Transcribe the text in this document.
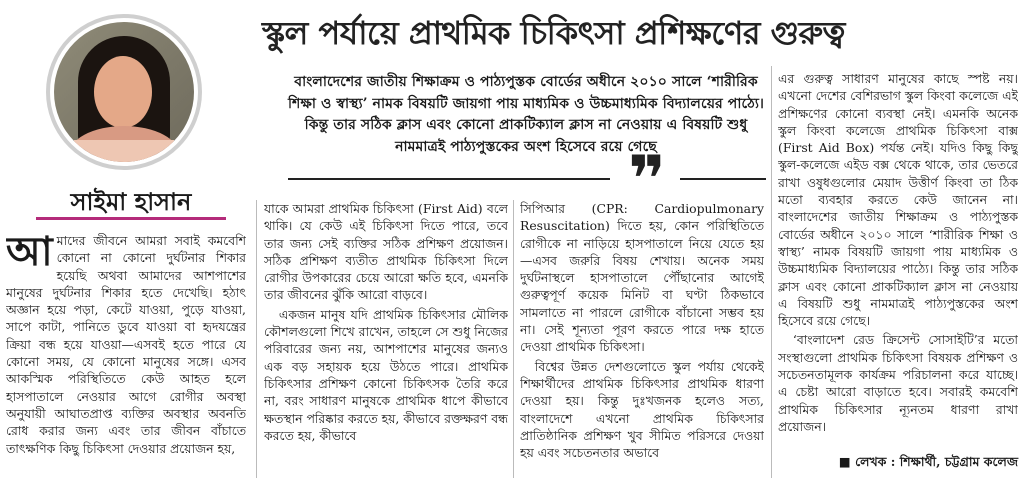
স্কুল পর্যায়ে প্রাথমিক চিকিৎসা প্রশিক্ষণের গুরুত্ব
সাইমা হাসান
বাংলাদেশের জাতীয় শিক্ষাক্রম ও পাঠ্যপুস্তক বোর্ডের অধীনে ২০১০ সালে ‘শারীরিক শিক্ষা ও স্বাস্থ্য’ নামক বিষয়টি জায়গা পায় মাধ্যমিক ও উচ্চমাধ্যমিক বিদ্যালয়ের পাঠ্যে। কিন্তু তার সঠিক ক্লাস এবং কোনো প্রাকটিক্যাল ক্লাস না নেওয়ায় এ বিষয়টি শুধু নামমাত্রই পাঠ্যপুস্তকের অংশ হিসেবে রয়ে গেছে
❞

আমাদের জীবনে আমরা সবাই কমবেশি কোনো না কোনো দুর্ঘটনার শিকার হয়েছি অথবা আমাদের আশপাশের মানুষের দুর্ঘটনার শিকার হতে দেখেছি। হঠাৎ অজ্ঞান হয়ে পড়া, কেটে যাওয়া, পুড়ে যাওয়া, সাপে কাটা, পানিতে ডুবে যাওয়া বা হৃদযন্ত্রের ক্রিয়া বন্ধ হয়ে যাওয়া—এসবই হতে পারে যে কোনো সময়, যে কোনো মানুষের সঙ্গে। এসব আকস্মিক পরিস্থিতিতে কেউ আহত হলে হাসপাতালে নেওয়ার আগে রোগীর অবস্থা অনুযায়ী আঘাতপ্রাপ্ত ব্যক্তির অবস্থার অবনতি রোধ করার জন্য এবং তার জীবন বাঁচাতে তাৎক্ষণিক কিছু চিকিৎসা দেওয়ার প্রয়োজন হয়,

যাকে আমরা প্রাথমিক চিকিৎসা (First Aid) বলে থাকি। যে কেউ এই চিকিৎসা দিতে পারে, তবে তার জন্য সেই ব্যক্তির সঠিক প্রশিক্ষণ প্রয়োজন। সঠিক প্রশিক্ষণ ব্যতীত প্রাথমিক চিকিৎসা দিলে রোগীর উপকারের চেয়ে আরো ক্ষতি হবে, এমনকি তার জীবনের ঝুঁকি আরো বাড়বে।

একজন মানুষ যদি প্রাথমিক চিকিৎসার মৌলিক কৌশলগুলো শিখে রাখেন, তাহলে সে শুধু নিজের পরিবারের জন্য নয়, আশপাশের মানুষের জন্যও এক বড় সহায়ক হয়ে উঠতে পারে। প্রাথমিক চিকিৎসার প্রশিক্ষণ কোনো চিকিৎসক তৈরি করে না, বরং সাধারণ মানুষকে প্রাথমিক ধাপে কীভাবে ক্ষতস্থান পরিষ্কার করতে হয়, কীভাবে রক্তক্ষরণ বন্ধ করতে হয়, কীভাবে

সিপিআর (CPR: Cardiopulmonary Resuscitation) দিতে হয়, কোন পরিস্থিতিতে রোগীকে না নাড়িয়ে হাসপাতালে নিয়ে যেতে হয়—এসব জরুরি বিষয় শেখায়। অনেক সময় দুর্ঘটনাস্থলে হাসপাতালে পৌঁছানোর আগেই গুরুত্বপূর্ণ কয়েক মিনিট বা ঘণ্টা ঠিকভাবে সামলাতে না পারলে রোগীকে বাঁচানো সম্ভব হয় না। সেই শূন্যতা পূরণ করতে পারে দক্ষ হাতে দেওয়া প্রাথমিক চিকিৎসা।

বিশ্বের উন্নত দেশগুলোতে স্কুল পর্যায় থেকেই শিক্ষার্থীদের প্রাথমিক চিকিৎসার প্রাথমিক ধারণা দেওয়া হয়। কিন্তু দুঃখজনক হলেও সত্য, বাংলাদেশে এখনো প্রাথমিক চিকিৎসার প্রাতিষ্ঠানিক প্রশিক্ষণ খুব সীমিত পরিসরে দেওয়া হয় এবং সচেতনতার অভাবে

এর গুরুত্ব সাধারণ মানুষের কাছে স্পষ্ট নয়। এখনো দেশের বেশিরভাগ স্কুল কিংবা কলেজে এই প্রশিক্ষণের কোনো ব্যবস্থা নেই। এমনকি অনেক স্কুল কিংবা কলেজে প্রাথমিক চিকিৎসা বাক্স (First Aid Box) পর্যন্ত নেই। যদিও কিছু কিছু স্কুল-কলেজে এইড বক্স থেকে থাকে, তার ভেতরে রাখা ওষুধগুলোর মেয়াদ উত্তীর্ণ কিংবা তা ঠিক মতো ব্যবহার করতে কেউ জানেন না। বাংলাদেশের জাতীয় শিক্ষাক্রম ও পাঠ্যপুস্তক বোর্ডের অধীনে ২০১০ সালে ‘শারীরিক শিক্ষা ও স্বাস্থ্য’ নামক বিষয়টি জায়গা পায় মাধ্যমিক ও উচ্চমাধ্যমিক বিদ্যালয়ের পাঠ্যে। কিন্তু তার সঠিক ক্লাস এবং কোনো প্রাকটিক্যাল ক্লাস না নেওয়ায় এ বিষয়টি শুধু নামমাত্রই পাঠ্যপুস্তকের অংশ হিসেবে রয়ে গেছে।

‘বাংলাদেশ রেড ক্রিসেন্ট সোসাইটি’র মতো সংস্থাগুলো প্রাথমিক চিকিৎসা বিষয়ক প্রশিক্ষণ ও সচেতনতামূলক কার্যক্রম পরিচালনা করে যাচ্ছে। এ চেষ্টা আরো বাড়াতে হবে। সবারই কমবেশি প্রাথমিক চিকিৎসার ন্যূনতম ধারণা রাখা প্রয়োজন।

■ লেখক : শিক্ষার্থী, চট্টগ্রাম কলেজ
